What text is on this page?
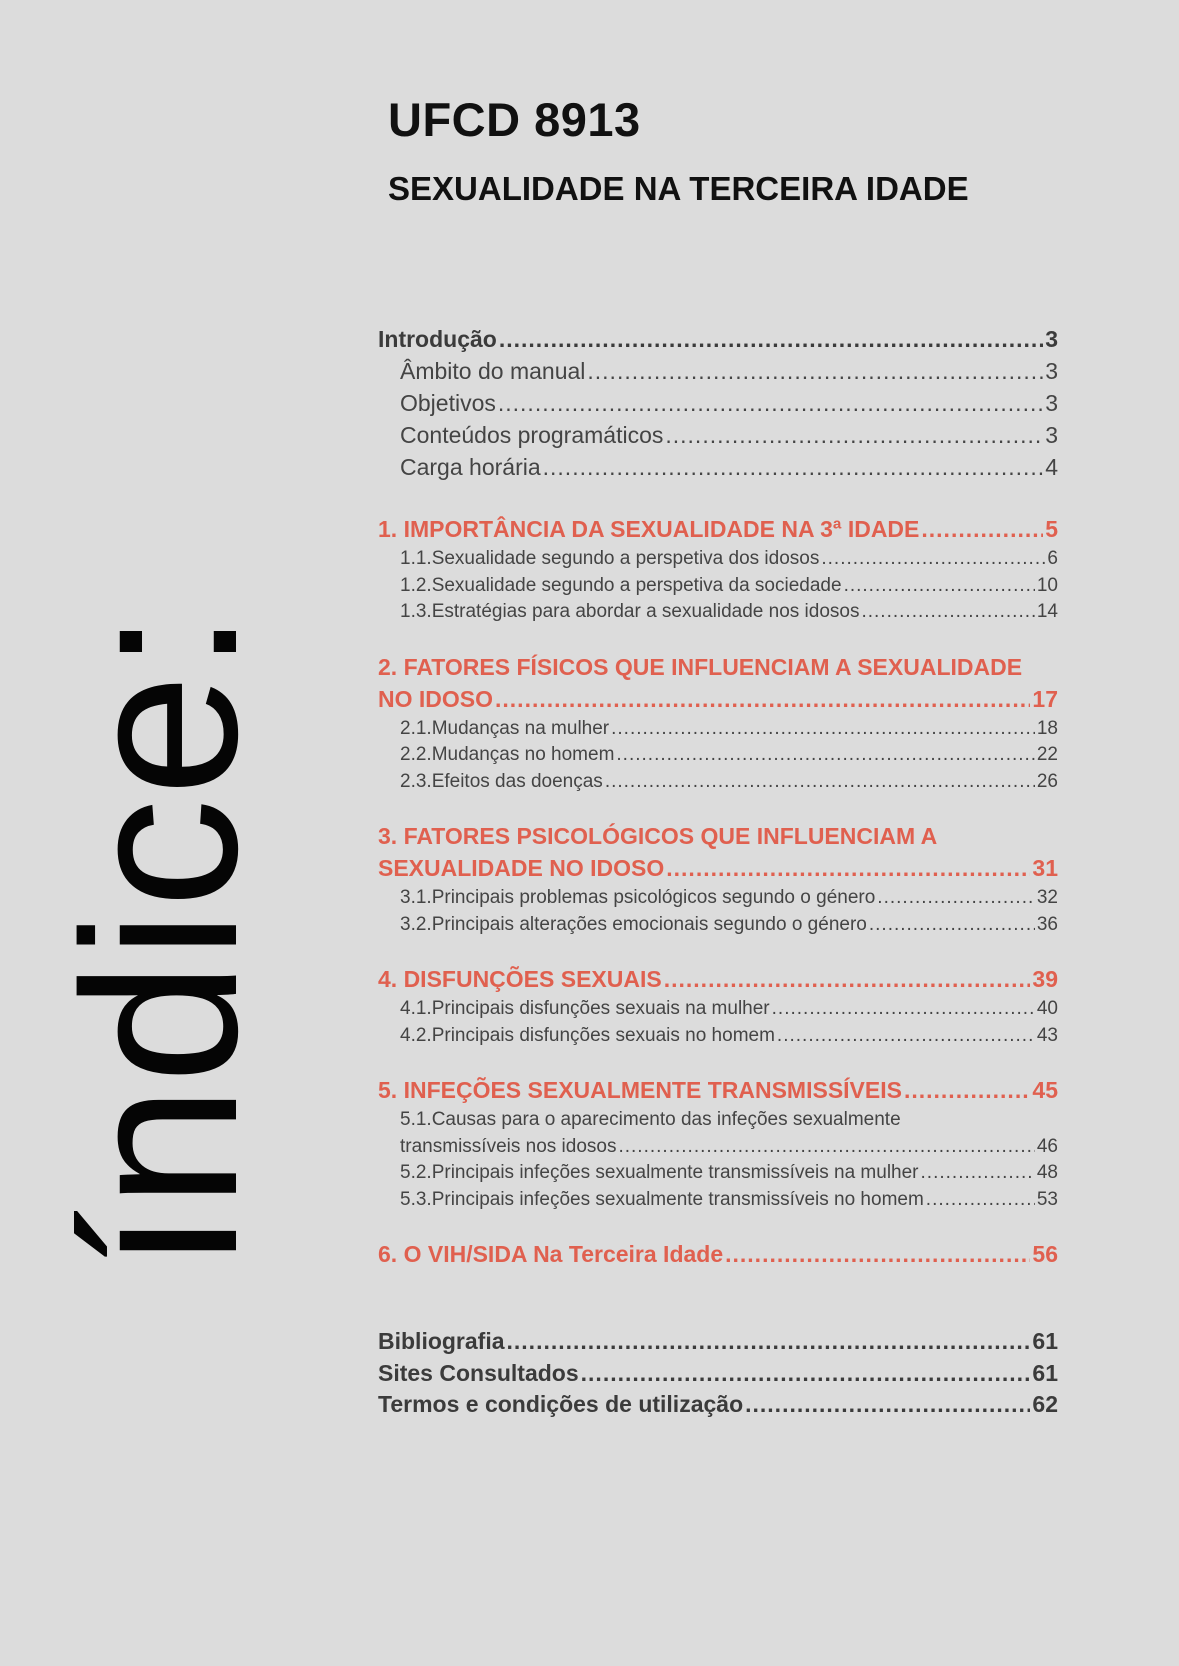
UFCD 8913
SEXUALIDADE NA TERCEIRA IDADE
índice:
Introdução .....	3
Âmbito do manual .....	3
Objetivos .....	3
Conteúdos programáticos .....	3
Carga horária .....	4
1. IMPORTÂNCIA DA SEXUALIDADE NA 3ª IDADE .....	5
1.1.Sexualidade segundo a perspetiva dos idosos .....	6
1.2.Sexualidade segundo a perspetiva da sociedade .....	10
1.3.Estratégias para abordar a sexualidade nos idosos .....	14
2. FATORES FÍSICOS QUE INFLUENCIAM A SEXUALIDADE
NO IDOSO .....	17
2.1.Mudanças na mulher .....	18
2.2.Mudanças no homem .....	22
2.3.Efeitos das doenças .....	26
3. FATORES PSICOLÓGICOS QUE INFLUENCIAM A
SEXUALIDADE NO IDOSO .....	31
3.1.Principais problemas psicológicos segundo o género .....	32
3.2.Principais alterações emocionais segundo o género .....	36
4. DISFUNÇÕES SEXUAIS .....	39
4.1.Principais disfunções sexuais na mulher .....	40
4.2.Principais disfunções sexuais no homem .....	43
5. INFEÇÕES SEXUALMENTE TRANSMISSÍVEIS .....	45
5.1.Causas para o aparecimento das infeções sexualmente
transmissíveis nos idosos .....	46
5.2.Principais infeções sexualmente transmissíveis na mulher .....	48
5.3.Principais infeções sexualmente transmissíveis no homem .....	53
6. O VIH/SIDA Na Terceira Idade .....	56
Bibliografia .....	61
Sites Consultados .....	61
Termos e condições de utilização .....	62
